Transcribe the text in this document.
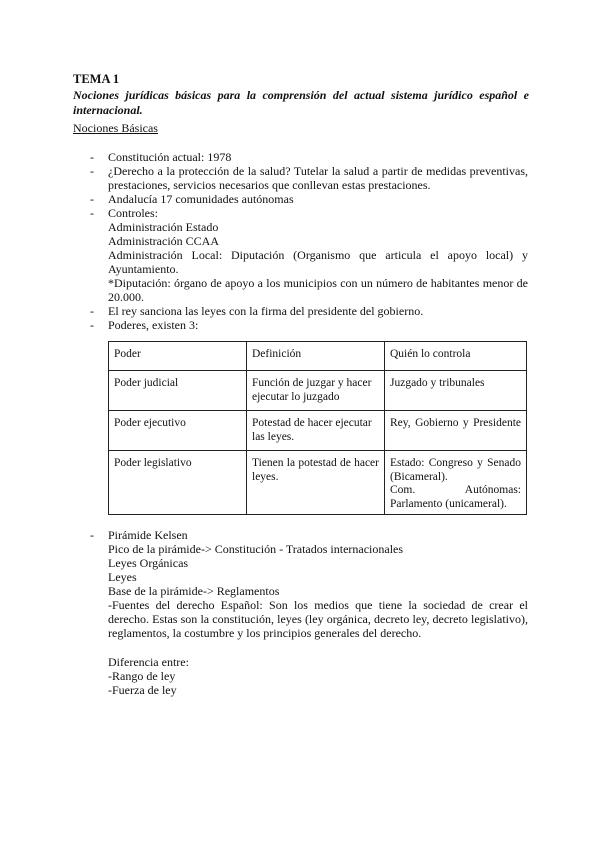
TEMA 1
Nociones jurídicas básicas para la comprensión del actual sistema jurídico español e internacional.
Nociones Básicas
- Constitución actual: 1978
- ¿Derecho a la protección de la salud? Tutelar la salud a partir de medidas preventivas, prestaciones, servicios necesarios que conllevan estas prestaciones.
- Andalucía 17 comunidades autónomas
- Controles:
Administración Estado
Administración CCAA
Administración Local: Diputación (Organismo que articula el apoyo local) y Ayuntamiento.
*Diputación: órgano de apoyo a los municipios con un número de habitantes menor de 20.000.
- El rey sanciona las leyes con la firma del presidente del gobierno.
- Poderes, existen 3:
Poder	Definición	Quién lo controla
Poder judicial	Función de juzgar y hacer ejecutar lo juzgado	Juzgado y tribunales
Poder ejecutivo	Potestad de hacer ejecutar las leyes.	Rey, Gobierno y Presidente

Poder legislativo	Tienen la potestad de hacer leyes.	Estado: Congreso y Senado (Bicameral).
Com. Autónomas: Parlamento (unicameral).
- Pirámide Kelsen
Pico de la pirámide-> Constitución - Tratados internacionales
Leyes Orgánicas
Leyes
Base de la pirámide-> Reglamentos
-Fuentes del derecho Español: Son los medios que tiene la sociedad de crear el derecho. Estas son la constitución, leyes (ley orgánica, decreto ley, decreto legislativo), reglamentos, la costumbre y los principios generales del derecho.
Diferencia entre:
-Rango de ley
-Fuerza de ley
